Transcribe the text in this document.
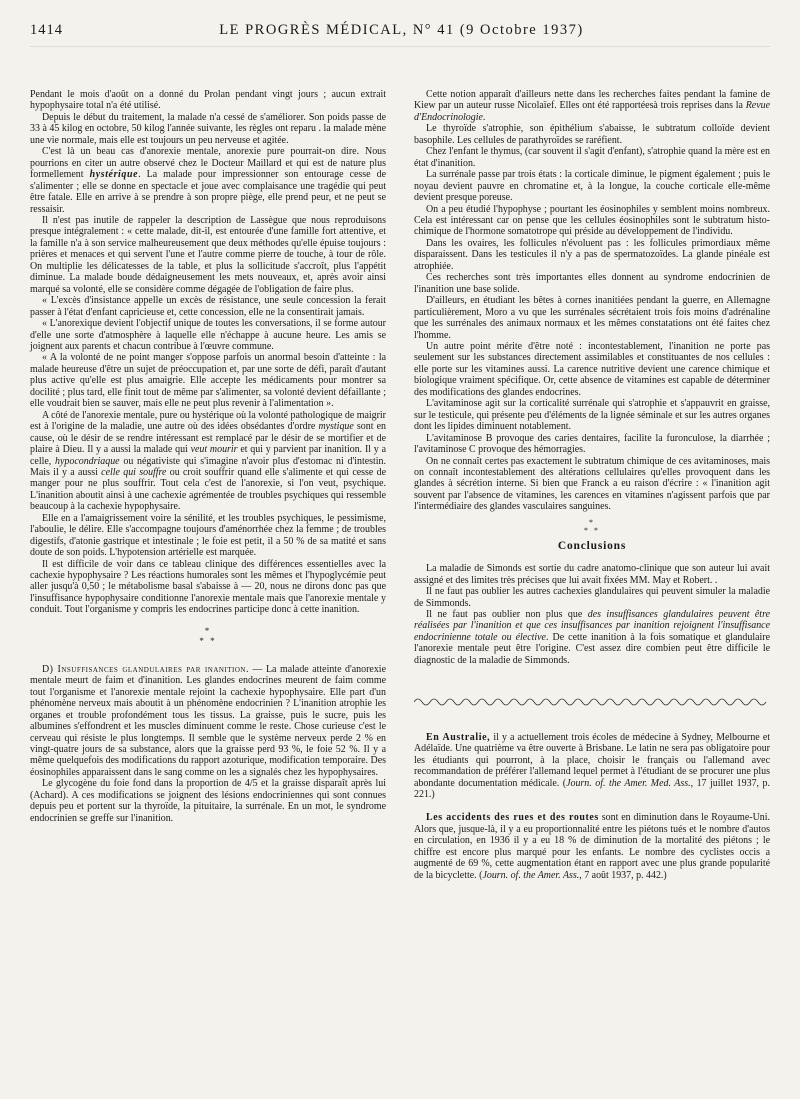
1414	LE PROGRÈS MÉDICAL, N° 41 (9 Octobre 1937)

Pendant le mois d'août on a donné du Prolan pendant vingt jours ; aucun extrait hypophysaire total n'a été utilisé.

Depuis le début du traitement, la malade n'a cessé de s'améliorer. Son poids passe de 33 à 45 kilog en octobre, 50 kilog l'année suivante, les règles ont reparu . la malade mène une vie normale, mais elle est toujours un peu nerveuse et agitée.

C'est là un beau cas d'anorexie mentale, anorexie pure pourrait-on dire. Nous pourrions en citer un autre observé chez le Docteur Maillard et qui est de nature plus formellement hystérique. La malade pour impressionner son entourage cesse de s'alimenter ; elle se donne en spectacle et joue avec complaisance une tragédie qui peut être fatale. Elle en arrive à se prendre à son propre piège, elle prend peur, et ne peut se ressaisir.

Il n'est pas inutile de rappeler la description de Lassègue que nous reproduisons presque intégralement : « cette malade, dit-il, est entourée d'une famille fort attentive, et la famille n'a à son service malheureusement que deux méthodes qu'elle épuise toujours : prières et menaces et qui servent l'une et l'autre comme pierre de touche, à tour de rôle. On multiplie les délicatesses de la table, et plus la sollicitude s'accroît, plus l'appétit diminue. La malade boude dédaigneusement les mets nouveaux, et, après avoir ainsi marqué sa volonté, elle se considère comme dégagée de l'obligation de faire plus.

« L'excès d'insistance appelle un excès de résistance, une seule concession la ferait passer à l'état d'enfant capricieuse et, cette concession, elle ne la consentirait jamais.

« L'anorexique devient l'objectif unique de toutes les conversations, il se forme autour d'elle une sorte d'atmosphère à laquelle elle n'échappe à aucune heure. Les amis se joignent aux parents et chacun contribue à l'œuvre commune.

« A la volonté de ne point manger s'oppose parfois un anormal besoin d'atteinte : la malade heureuse d'être un sujet de préoccupation et, par une sorte de défi, paraît d'autant plus active qu'elle est plus amaigrie. Elle accepte les médicaments pour montrer sa docilité ; plus tard, elle finit tout de même par s'alimenter, sa volonté devient défaillante ; elle voudrait bien se sauver, mais elle ne peut plus revenir à l'alimentation ».

A côté de l'anorexie mentale, pure ou hystérique où la volonté pathologique de maigrir est à l'origine de la maladie, une autre où des idées obsédantes d'ordre mystique sont en cause, où le désir de se rendre intéressant est remplacé par le désir de se mortifier et de plaire à Dieu. Il y a aussi la malade qui veut mourir et qui y parvient par inanition. Il y a celle, hypocondriaque ou négativiste qui s'imagine n'avoir plus d'estomac ni d'intestin. Mais il y a aussi celle qui souffre ou croit souffrir quand elle s'alimente et qui cesse de manger pour ne plus souffrir. Tout cela c'est de l'anorexie, si l'on veut, psychique. L'inanition aboutit ainsi à une cachexie agrémentée de troubles psychiques qui ressemble beaucoup à la cachexie hypophysaire.

Elle en a l'amaigrissement voire la sénilité, et les troubles psychiques, le pessimisme, l'aboulie, le délire. Elle s'accompagne toujours d'aménorrhée chez la femme ; de troubles digestifs, d'atonie gastrique et intestinale ; le foie est petit, il a 50 % de sa matité et sans doute de son poids. L'hypotension artérielle est marquée.

Il est difficile de voir dans ce tableau clinique des différences essentielles avec la cachexie hypophysaire ? Les réactions humorales sont les mêmes et l'hypoglycémie peut aller jusqu'à 0,50 ; le métabolisme basal s'abaisse à — 20, nous ne dirons donc pas que l'insuffisance hypophysaire conditionne l'anorexie mentale mais que l'anorexie mentale y conduit. Tout l'organisme y compris les endocrines participe donc à cette inanition.

*
* *

D) Insuffisances glandulaires par inanition. — La malade atteinte d'anorexie mentale meurt de faim et d'inanition. Les glandes endocrines meurent de faim comme tout l'organisme et l'anorexie mentale rejoint la cachexie hypophysaire. Elle part d'un phénomène nerveux mais aboutit à un phénomène endocrinien ? L'inanition atrophie les organes et trouble profondément tous les tissus. La graisse, puis le sucre, puis les albumines s'effondrent et les muscles diminuent comme le reste. Chose curieuse c'est le cerveau qui résiste le plus longtemps. Il semble que le système nerveux perde 2 % en vingt-quatre jours de sa substance, alors que la graisse perd 93 %, le foie 52 %. Il y a même quelquefois des modifications du rapport azoturique, modification temporaire. Des éosinophiles apparaissent dans le sang comme on les a signalés chez les hypophysaires.

Le glycogène du foie fond dans la proportion de 4/5 et la graisse disparaît après lui (Achard). A ces modifications se joignent des lésions endocriniennes qui sont connues depuis peu et portent sur la thyroïde, la pituitaire, la surrénale. En un mot, le syndrome endocrinien se greffe sur l'inanition.

Cette notion apparaît d'ailleurs nette dans les recherches faites pendant la famine de Kiew par un auteur russe Nicolaïef. Elles ont été rapportéesà trois reprises dans la Revue d'Endocrinologie.

Le thyroïde s'atrophie, son épithélium s'abaisse, le subtratum colloïde devient basophile. Les cellules de parathyroïdes se raréfient.

Chez l'enfant le thymus, (car souvent il s'agit d'enfant), s'atrophie quand la mère est en état d'inanition.

La surrénale passe par trois états : la corticale diminue, le pigment également ; puis le noyau devient pauvre en chromatine et, à la longue, la couche corticale elle-même devient presque poreuse.

On a peu étudié l'hypophyse ; pourtant les éosinophiles y semblent moins nombreux. Cela est intéressant car on pense que les cellules éosinophiles sont le subtratum histo-chimique de l'hormone somatotrope qui préside au développement de l'individu.

Dans les ovaires, les follicules n'évoluent pas : les follicules primordiaux même disparaissent. Dans les testicules il n'y a pas de spermatozoïdes. La glande pinéale est atrophiée.

Ces recherches sont très importantes elles donnent au syndrome endocrinien de l'inanition une base solide.

D'ailleurs, en étudiant les bêtes à cornes inanitiées pendant la guerre, en Allemagne particulièrement, Moro a vu que les surrénales sécrétaient trois fois moins d'adrénaline que les surrénales des animaux normaux et les mêmes constatations ont été faites chez l'homme.

Un autre point mérite d'être noté : incontestablement, l'inanition ne porte pas seulement sur les substances directement assimilables et constituantes de nos cellules : elle porte sur les vitamines aussi. La carence nutritive devient une carence chimique et biologique vraiment spécifique. Or, cette absence de vitamines est capable de déterminer des modifications des glandes endocrines.

L'avitaminose agit sur la corticalité surrénale qui s'atrophie et s'appauvrit en graisse, sur le testicule, qui présente peu d'éléments de la lignée séminale et sur les autres organes dont les lipides diminuent notablement.

L'avitaminose B provoque des caries dentaires, facilite la furonculose, la diarrhée ; l'avitaminose C provoque des hémorragies.

On ne connaît certes pas exactement le subtratum chimique de ces avitaminoses, mais on connaît incontestablement des altérations cellulaires qu'elles provoquent dans les glandes à sécrétion interne. Si bien que Franck a eu raison d'écrire : « l'inanition agit souvent par l'absence de vitamines, les carences en vitamines n'agissent parfois que par l'intermédiaire des glandes vasculaires sanguines.

*
* *
Conclusions

La maladie de Simonds est sortie du cadre anatomo-clinique que son auteur lui avait assigné et des limites très précises que lui avait fixées MM. May et Robert. .

Il ne faut pas oublier les autres cachexies glandulaires qui peuvent simuler la maladie de Simmonds.

Il ne faut pas oublier non plus que des insuffisances glandulaires peuvent être réalisées par l'inanition et que ces insuffisances par inanition rejoignent l'insuffisance endocrinienne totale ou élective. De cette inanition à la fois somatique et glandulaire l'anorexie mentale peut être l'origine. C'est assez dire combien peut être difficile le diagnostic de la maladie de Simmonds.

En Australie, il y a actuellement trois écoles de médecine à Sydney, Melbourne et Adélaïde. Une quatrième va être ouverte à Brisbane. Le latin ne sera pas obligatoire pour les étudiants qui pourront, à la place, choisir le français ou l'allemand avec recommandation de préférer l'allemand lequel permet à l'étudiant de se procurer une plus abondante documentation médicale. (Journ. of. the Amer. Med. Ass., 17 juillet 1937, p. 221.)

Les accidents des rues et des routes sont en diminution dans le Royaume-Uni. Alors que, jusque-là, il y a eu proportionnalité entre les piétons tués et le nombre d'autos en circulation, en 1936 il y a eu 18 % de diminution de la mortalité des piétons ; le chiffre est encore plus marqué pour les enfants. Le nombre des cyclistes occis a augmenté de 69 %, cette augmentation étant en rapport avec une plus grande popularité de la bicyclette. (Journ. of. the Amer. Ass., 7 août 1937, p. 442.)
